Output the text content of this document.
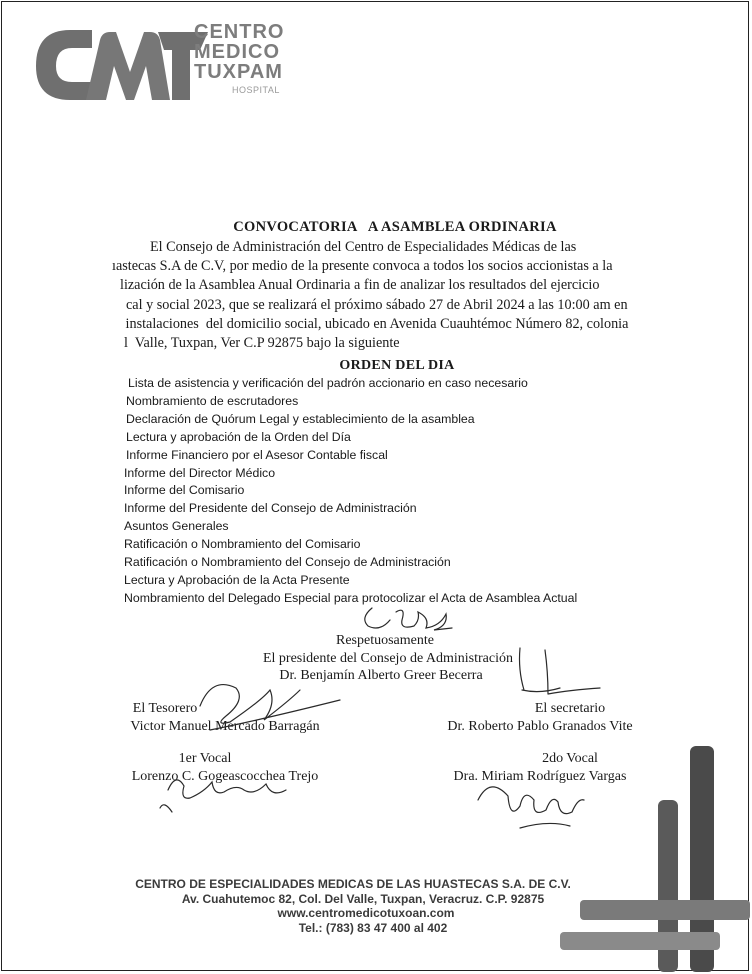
CENTRO
MEDICO
TUXPAM
HOSPITAL
CONVOCATORIA   A ASAMBLEA ORDINARIA
El Consejo de Administración del Centro de Especialidades Médicas de las
ıastecas S.A de C.V, por medio de la presente convoca a todos los socios accionistas a la
lización de la Asamblea Anual Ordinaria a fin de analizar los resultados del ejercicio
cal y social 2023, que se realizará el próximo sábado 27 de Abril 2024 a las 10:00 am en
instalaciones  del domicilio social, ubicado en Avenida Cuauhtémoc Número 82, colonia
l  Valle, Tuxpan, Ver C.P 92875 bajo la siguiente
ORDEN DEL DIA
Lista de asistencia y verificación del padrón accionario en caso necesario
Nombramiento de escrutadores
Declaración de Quórum Legal y establecimiento de la asamblea
Lectura y aprobación de la Orden del Día
Informe Financiero por el Asesor Contable fiscal
Informe del Director Médico
Informe del Comisario
Informe del Presidente del Consejo de Administración
Asuntos Generales
Ratificación o Nombramiento del Comisario
Ratificación o Nombramiento del Consejo de Administración
Lectura y Aprobación de la Acta Presente
Nombramiento del Delegado Especial para protocolizar el Acta de Asamblea Actual
Respetuosamente
El presidente del Consejo de Administración
Dr. Benjamín Alberto Greer Becerra
El Tesorero
Victor Manuel Mercado Barragán
El secretario
Dr. Roberto Pablo Granados Vite
1er Vocal
Lorenzo C. Gogeascocchea Trejo
2do Vocal
Dra. Miriam Rodríguez Vargas
CENTRO DE ESPECIALIDADES MEDICAS DE LAS HUASTECAS S.A. DE C.V.
Av. Cuahutemoc 82, Col. Del Valle, Tuxpan, Veracruz. C.P. 92875
www.centromedicotuxoan.com
Tel.: (783) 83 47 400 al 402
